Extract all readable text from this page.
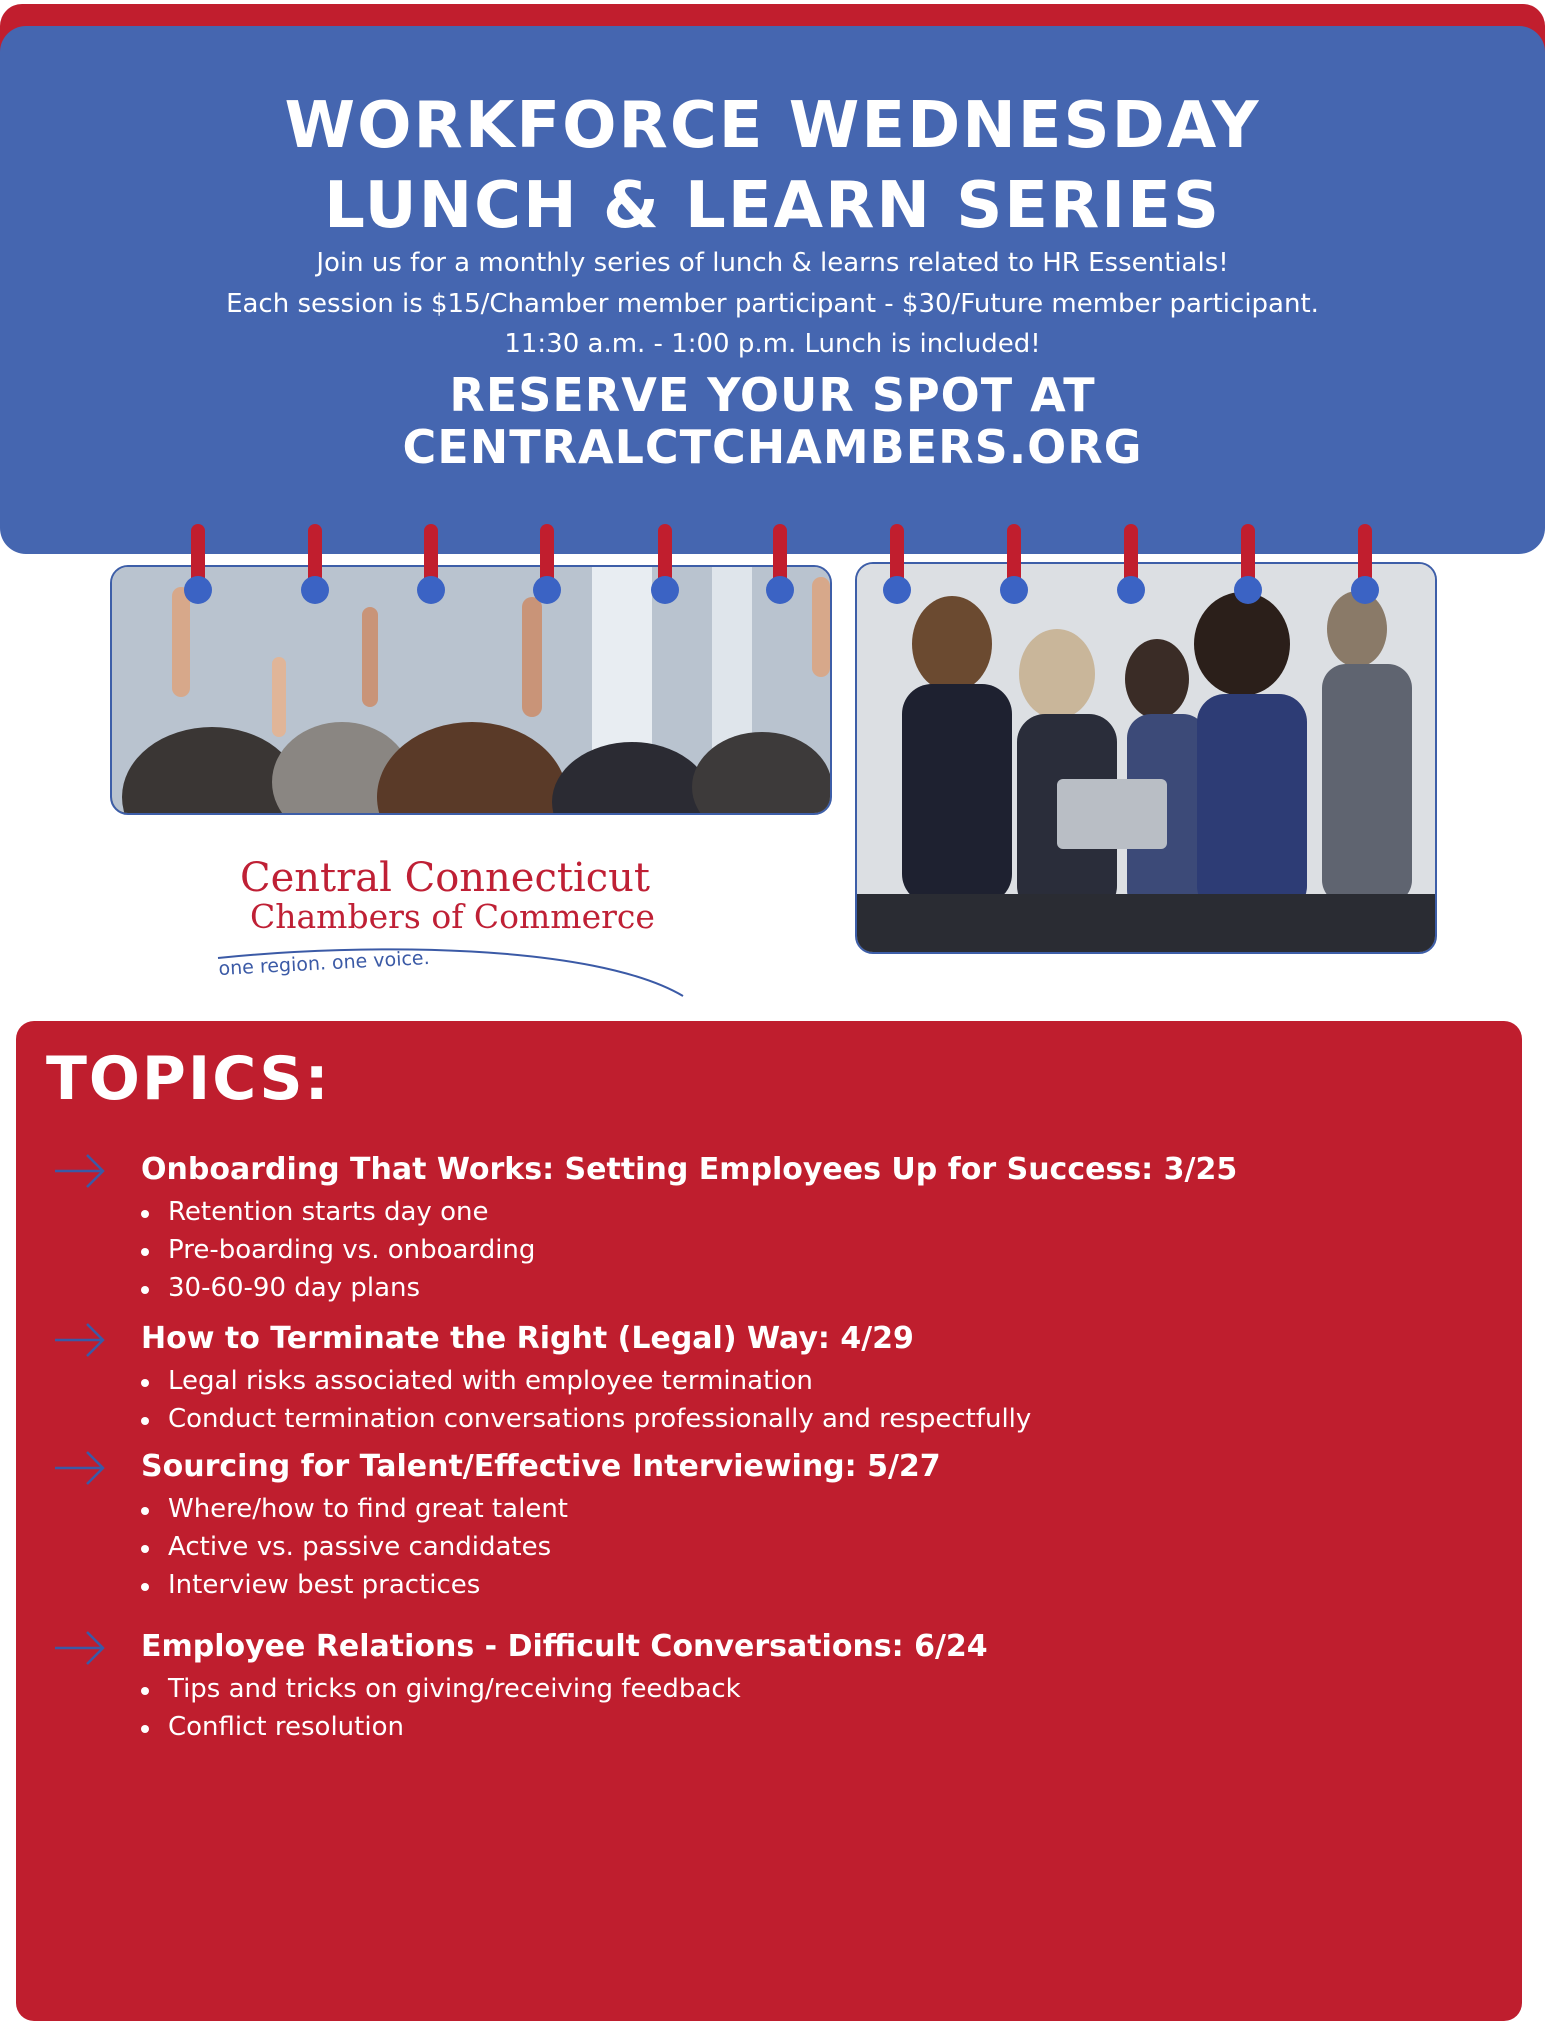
WORKFORCE WEDNESDAY
LUNCH & LEARN SERIES
Join us for a monthly series of lunch & learns related to HR Essentials!
Each session is $15/Chamber member participant - $30/Future member participant.
11:30 a.m. - 1:00 p.m. Lunch is included!
RESERVE YOUR SPOT AT
CENTRALCTCHAMBERS.ORG
Central Connecticut
Chambers of Commerce
one region. one voice.
TOPICS:
Onboarding That Works: Setting Employees Up for Success: 3/25
Retention starts day one
Pre-boarding vs. onboarding
30-60-90 day plans
How to Terminate the Right (Legal) Way: 4/29
Legal risks associated with employee termination
Conduct termination conversations professionally and respectfully
Sourcing for Talent/Effective Interviewing: 5/27
Where/how to find great talent
Active vs. passive candidates
Interview best practices
Employee Relations - Difficult Conversations: 6/24
Tips and tricks on giving/receiving feedback
Conflict resolution
